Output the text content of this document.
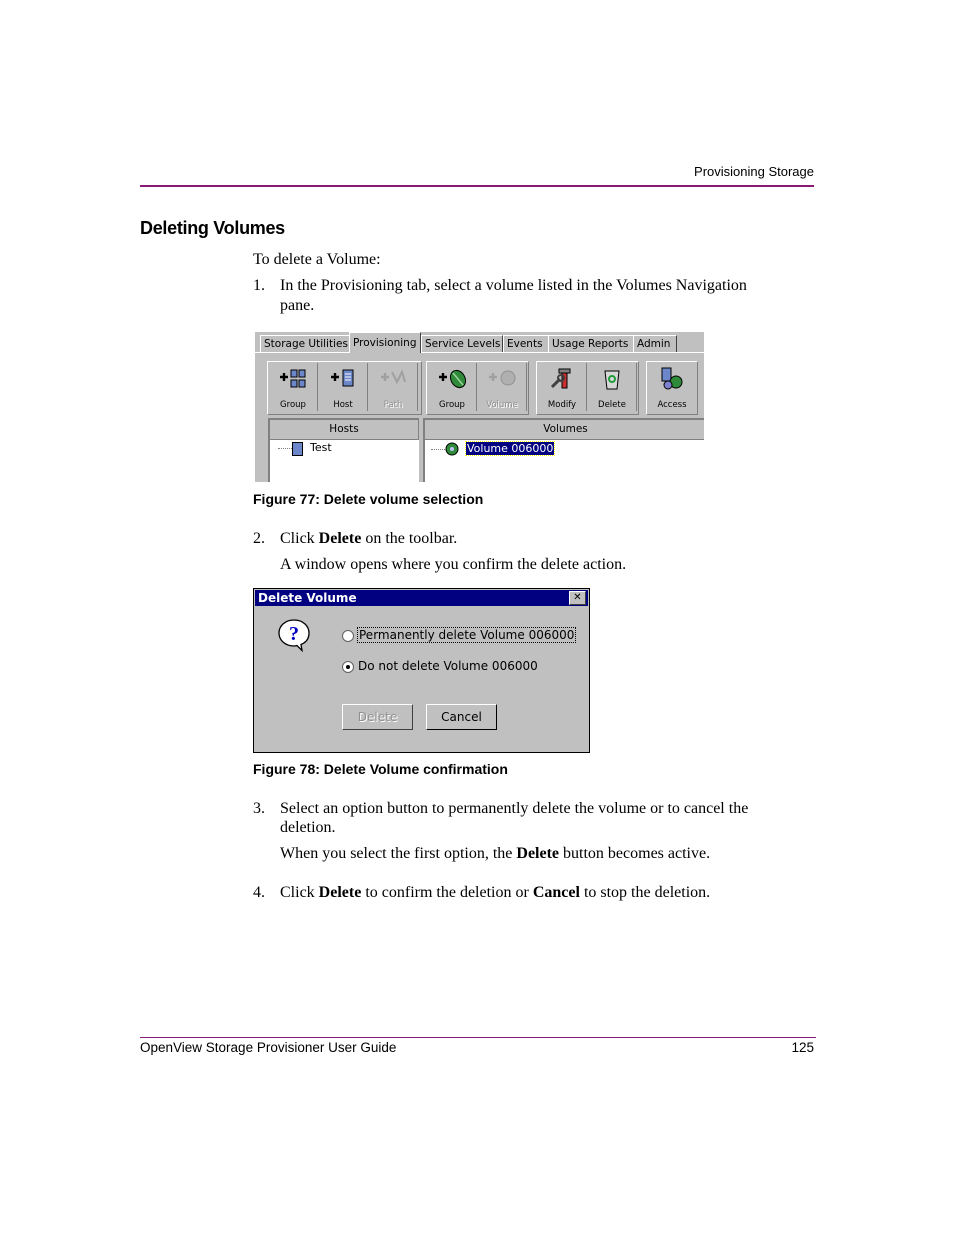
Provisioning Storage
Deleting Volumes
To delete a Volume:
1. In the Provisioning tab, select a volume listed in the Volumes Navigation
pane.
Storage Utilities Provisioning Service Levels Events Usage Reports Admin
Group	Host	Path	Group	Volume	Modify	Delete	Access
Hosts
Test
Volumes
Volume 006000
Figure 77: Delete volume selection
2. Click Delete on the toolbar.
A window opens where you confirm the delete action.
Delete Volume	✕
?	Permanently delete Volume 006000
Do not delete Volume 006000
Delete	Cancel
Figure 78: Delete Volume confirmation
3. Select an option button to permanently delete the volume or to cancel the
deletion.
When you select the first option, the Delete button becomes active.
4. Click Delete to confirm the deletion or Cancel to stop the deletion.
OpenView Storage Provisioner User Guide	125
